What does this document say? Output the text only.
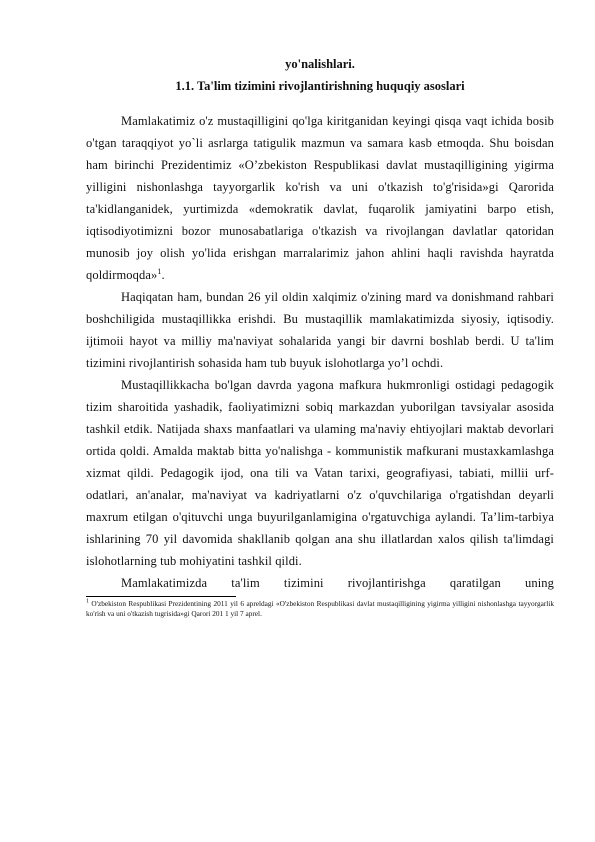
yo'nalishlari.

1.1. Ta'lim tizimini rivojlantirishning huquqiy asoslari

Mamlakatimiz o'z mustaqilligini qo'lga kiritganidan keyingi qisqa vaqt ichida bosib o'tgan taraqqiyot yo`li asrlarga tatigulik mazmun va samara kasb etmoqda. Shu boisdan ham birinchi Prezidentimiz «O’zbekiston Respublikasi davlat mustaqilligining yigirma yilligini nishonlashga tayyorgarlik ko'rish va uni o'tkazish to'g'risida»gi Qarorida ta'kidlanganidek, yurtimizda «demokratik davlat, fuqarolik jamiyatini barpo etish, iqtisodiyotimizni bozor munosabatlariga o'tkazish va rivojlangan davlatlar qatoridan munosib joy olish yo'lida erishgan marralarimiz jahon ahlini haqli ravishda hayratda qoldirmoqda»$^1$.

Haqiqatan ham, bundan 26 yil oldin xalqimiz o'zining mard va donishmand rahbari boshchiligida mustaqillikka erishdi. Bu mustaqillik mamlakatimizda siyosiy, iqtisodiy. ijtimoii hayot va milliy ma'naviyat sohalarida yangi bir davrni boshlab berdi. U ta'lim tizimini rivojlantirish sohasida ham tub buyuk islohotlarga yo’l ochdi.

Mustaqillikkacha bo'lgan davrda yagona mafkura hukmronligi ostidagi pedagogik tizim sharoitida yashadik, faoliyatimizni sobiq markazdan yuborilgan tavsiyalar asosida tashkil etdik. Natijada shaxs manfaatlari va ulaming ma'naviy ehtiyojlari maktab devorlari ortida qoldi. Amalda maktab bitta yo'nalishga - kommunistik mafkurani mustaxkamlashga xizmat qildi. Pedagogik ijod, ona tili va Vatan tarixi, geografiyasi, tabiati, millii urf-odatlari, an'analar, ma'naviyat va kadriyatlarni o'z o'quvchilariga o'rgatishdan deyarli maxrum etilgan o'qituvchi unga buyurilganlamigina o'rgatuvchiga aylandi. Ta’lim-tarbiya ishlarining 70 yil davomida shakllanib qolgan ana shu illatlardan xalos qilish ta'limdagi islohotlarning tub mohiyatini tashkil qildi.

Mamlakatimizda ta'lim tizimini rivojlantirishga qaratilgan uning

$^1$ O'zbekiston Respublikasi Prezidentining 2011 yil 6 apreldagi «O'zbekiston Respublikasi davlat mustaqilligining yigirma yilligini nishonlashga tayyorgarlik ko'rish va uni o'tkazish tugrisida»gi Qarori 201 1 yil 7 aprel.
